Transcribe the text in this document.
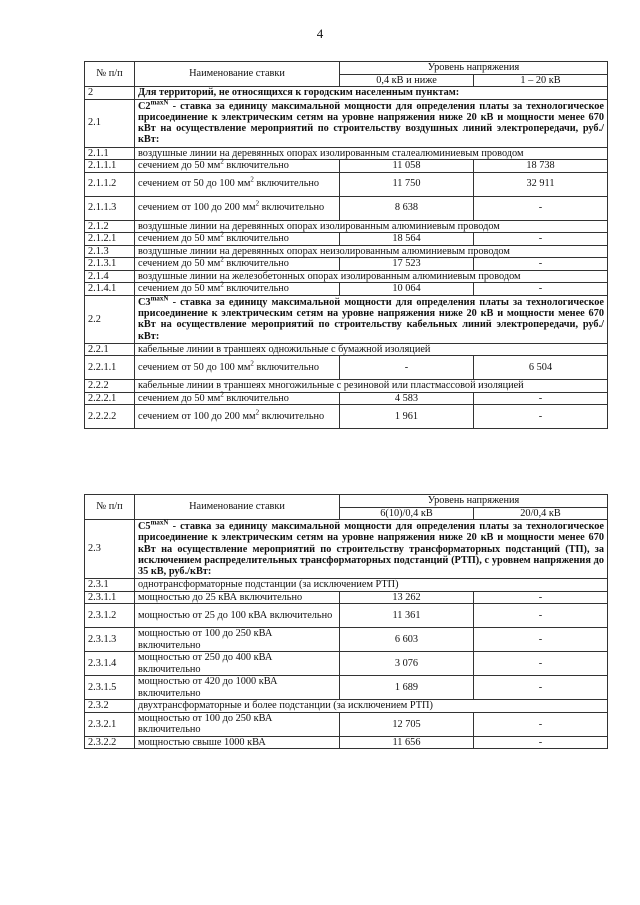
4
№ п/п	Наименование ставки	Уровень напряжения	
		0,4 кВ и ниже	1 – 20 кВ
2	Для территорий, не относящихся к городским населенным пунктам:		
2.1	$C2^{maxN}$ - ставка за единицу максимальной мощности для определения платы за технологическое присоединение к электрическим сетям на уровне напряжения ниже 20 кВ и мощности менее 670 кВт на осуществление мероприятий по строительству воздушных линий электропередачи, руб./кВт:		
2.1.1	воздушные линии на деревянных опорах изолированным сталеалюминиевым проводом		
2.1.1.1	сечением до 50 $мм^2$ включительно	11 058	18 738
2.1.1.2	сечением от 50 до 100 $мм^2$ включительно	11 750	32 911
2.1.1.3	сечением от 100 до 200 $мм^2$ включительно	8 638	-
2.1.2	воздушные линии на деревянных опорах изолированным алюминиевым проводом		
2.1.2.1	сечением до 50 $мм^2$ включительно	18 564	-
2.1.3	воздушные линии на деревянных опорах неизолированным алюминиевым проводом		
2.1.3.1	сечением до 50 $мм^2$ включительно	17 523	-
2.1.4	воздушные линии на железобетонных опорах изолированным алюминиевым проводом		
2.1.4.1	сечением до 50 $мм^2$ включительно	10 064	-
2.2	$C3^{maxN}$ - ставка за единицу максимальной мощности для определения платы за технологическое присоединение к электрическим сетям на уровне напряжения ниже 20 кВ и мощности менее 670 кВт на осуществление мероприятий по строительству кабельных линий электропередачи, руб./кВт:		
2.2.1	кабельные линии в траншеях одножильные с бумажной изоляцией		
2.2.1.1	сечением от 50 до 100 $мм^2$ включительно	-	6 504
2.2.2	кабельные линии в траншеях многожильные с резиновой или пластмассовой изоляцией		
2.2.2.1	сечением до 50 $мм^2$ включительно	4 583	-
2.2.2.2	сечением от 100 до 200 $мм^2$ включительно	1 961	-
№ п/п	Наименование ставки	Уровень напряжения	
		6(10)/0,4 кВ	20/0,4 кВ
2.3	$C5^{maxN}$ - ставка за единицу максимальной мощности для определения платы за технологическое присоединение к электрическим сетям на уровне напряжения ниже 20 кВ и мощности менее 670 кВт на осуществление мероприятий по строительству трансформаторных подстанций (ТП), за исключением распределительных трансформаторных подстанций (РТП), с уровнем напряжения до 35 кВ, руб./кВт:		
2.3.1	однотрансформаторные подстанции (за исключением РТП)		
2.3.1.1	мощностью до 25 кВА включительно	13 262	-
2.3.1.2	мощностью от 25 до 100 кВА включительно	11 361	-
2.3.1.3	мощностью от 100 до 250 кВА включительно	6 603	-
2.3.1.4	мощностью от 250 до 400 кВА включительно	3 076	-
2.3.1.5	мощностью от 420 до 1000 кВА включительно	1 689	-
2.3.2	двухтрансформаторные и более подстанции (за исключением РТП)		
2.3.2.1	мощностью от 100 до 250 кВА включительно	12 705	-
2.3.2.2	мощностью свыше 1000 кВА	11 656	-
